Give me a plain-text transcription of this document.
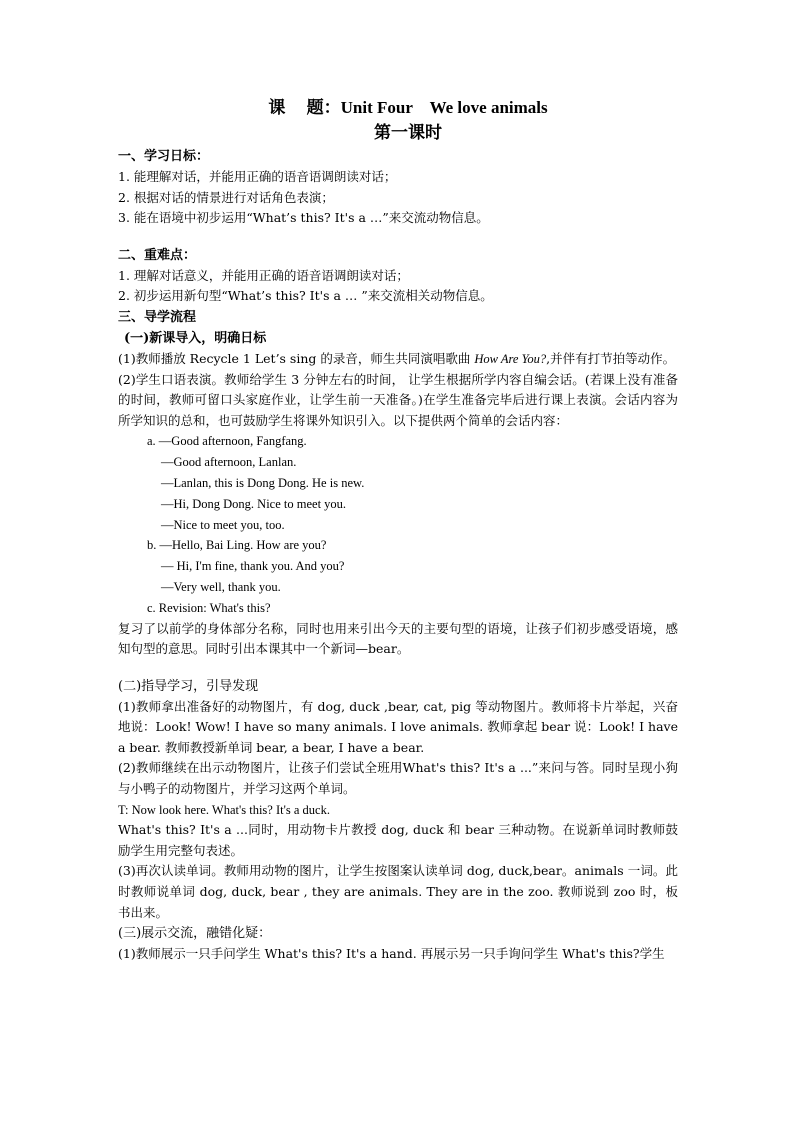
课　 题：Unit Four　We love animals
第一课时
一、学习日标：
1. 能理解对话，并能用正确的语音语调朗读对话；
2. 根据对话的情景进行对话角色表演；
3. 能在语境中初步运用“What’s this? It's a …”来交流动物信息。
二、重难点：
1. 理解对话意义，并能用正确的语音语调朗读对话；
2. 初步运用新句型“What’s this? It's a … ”来交流相关动物信息。
三、导学流程
(一)新课导入，明确日标
(1)教师播放 Recycle 1 Let’s sing 的录音，师生共同演唱歌曲 How Are You?,并伴有打节拍等动作。
(2)学生口语表演。教师给学生 3 分钟左右的时间， 让学生根据所学内容自编会话。(若课上没有准备的时间，教师可留口头家庭作业，让学生前一天准备。)在学生准备完毕后进行课上表演。会话内容为所学知识的总和，也可鼓励学生将课外知识引入。以下提供两个简单的会话内容：
a. —Good afternoon, Fangfang.
—Good afternoon, Lanlan.
—Lanlan, this is Dong Dong. He is new.
—Hi, Dong Dong. Nice to meet you.
—Nice to meet you, too.
b. —Hello, Bai Ling. How are you?
— Hi, I'm fine, thank you. And you?
—Very well, thank you.
c. Revision: What's this?
复习了以前学的身体部分名称，同时也用来引出今天的主要句型的语境，让孩子们初步感受语境，感知句型的意思。同时引出本课其中一个新词—bear。
(二)指导学习，引导发现
(1)教师拿出准备好的动物图片，有 dog, duck ,bear, cat, pig 等动物图片。教师将卡片举起，兴奋地说：Look! Wow! I have so many animals. I love animals. 教师拿起 bear 说：Look! I have a bear. 教师教授新单词 bear, a bear, I have a bear.
(2)教师继续在出示动物图片，让孩子们尝试全班用What's this? It's a ...”来问与答。同时呈现小狗与小鸭子的动物图片，并学习这两个单词。
T: Now look here. What's this? It's a duck.
What's this? It's a ...同时，用动物卡片教授 dog, duck 和 bear 三种动物。在说新单词时教师鼓励学生用完整句表述。
(3)再次认读单词。教师用动物的图片，让学生按图案认读单词 dog, duck,bear。animals 一词。此时教师说单词 dog, duck, bear , they are animals. They are in the zoo. 教师说到 zoo 时，板书出来。
(三)展示交流，融错化疑：
(1)教师展示一只手问学生 What's this? It's a hand. 再展示另一只手询问学生 What's this?学生
